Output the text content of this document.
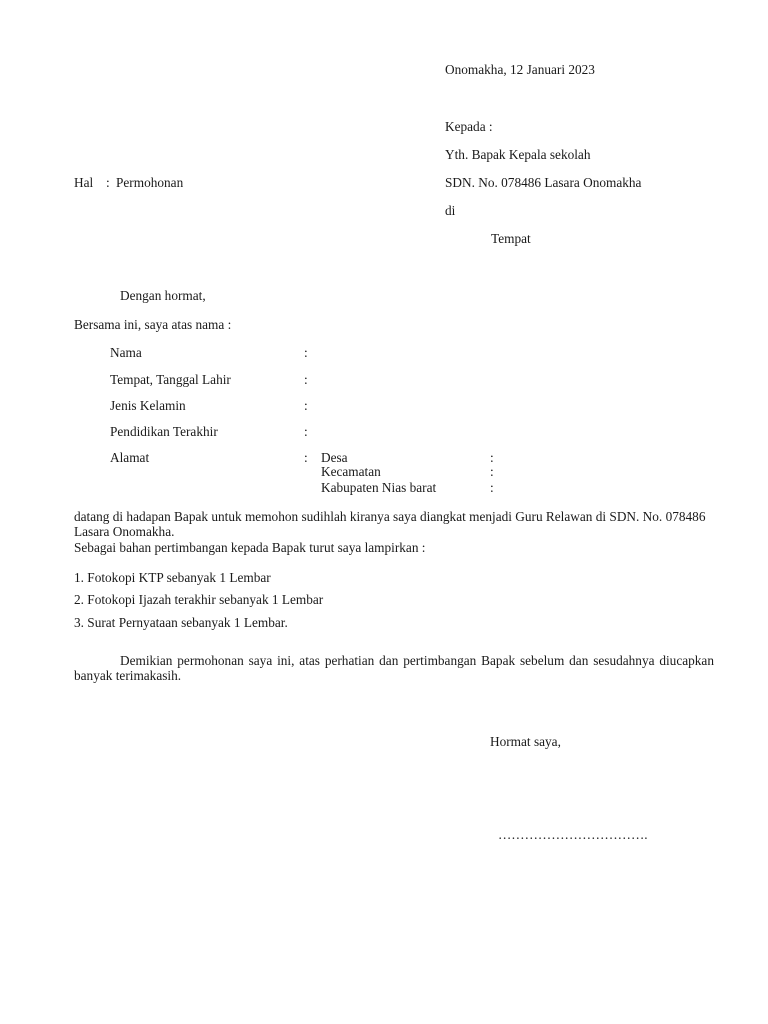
Onomakha, 12 Januari 2023
Kepada :
Yth. Bapak Kepala sekolah
SDN. No. 078486 Lasara Onomakha
di
Tempat
Hal : Permohonan
Dengan hormat,
Bersama ini, saya atas nama :
Nama	:
Tempat, Tanggal Lahir	:
Jenis Kelamin	:
Pendidikan Terakhir	:
Alamat	: Desa	:
Kecamatan	:
Kabupaten Nias barat	:
datang di hadapan Bapak untuk memohon sudihlah kiranya saya diangkat menjadi Guru Relawan di SDN. No. 078486 Lasara Onomakha.
Sebagai bahan pertimbangan kepada Bapak turut saya lampirkan :
1. Fotokopi KTP sebanyak 1 Lembar
2. Fotokopi Ijazah terakhir sebanyak 1 Lembar
3. Surat Pernyataan sebanyak 1 Lembar.
Demikian permohonan saya ini, atas perhatian dan pertimbangan Bapak sebelum dan sesudahnya diucapkan banyak terimakasih.
Hormat saya,
…………………………….
